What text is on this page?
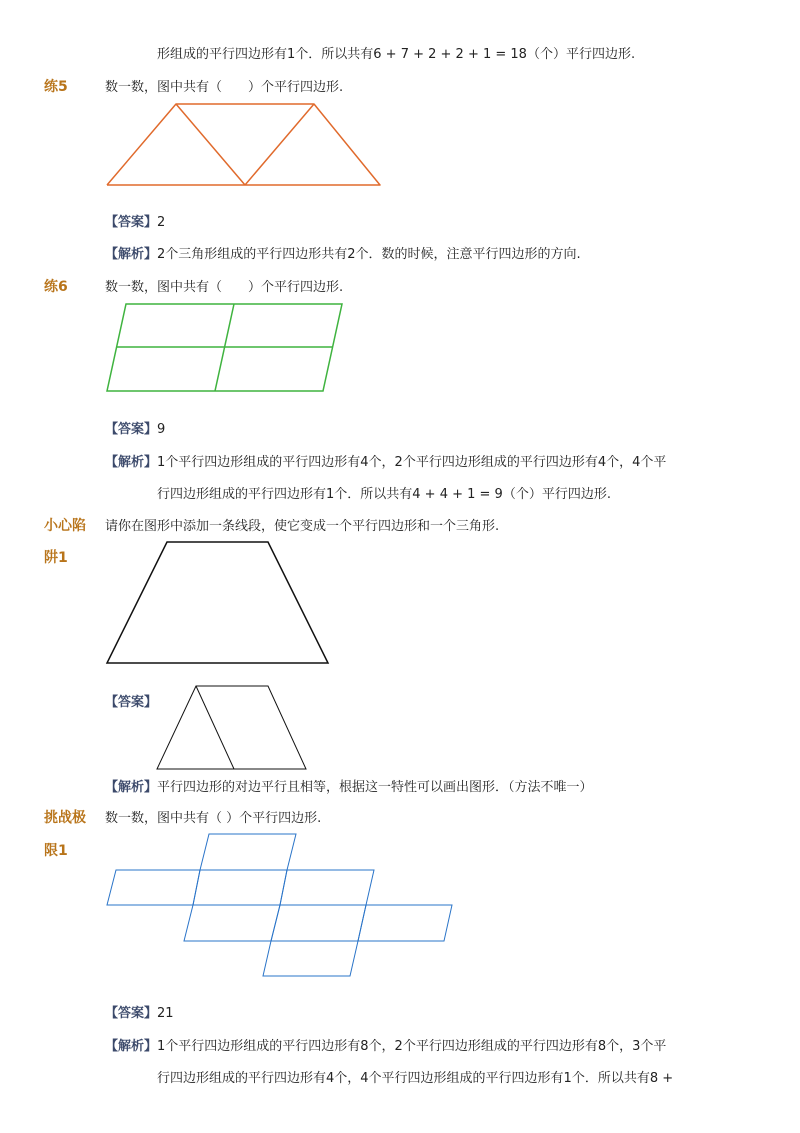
形组成的平行四边形有1个．所以共有6 + 7 + 2 + 2 + 1 = 18（个）平行四边形.
练5	数一数，图中共有（　　）个平行四边形.
【答案】2
【解析】2个三角形组成的平行四边形共有2个．数的时候，注意平行四边形的方向.
练6	数一数，图中共有（　　）个平行四边形.
【答案】9
【解析】1个平行四边形组成的平行四边形有4个，2个平行四边形组成的平行四边形有4个，4个平
行四边形组成的平行四边形有1个．所以共有4 + 4 + 1 = 9（个）平行四边形.
小心陷
阱1
请你在图形中添加一条线段，使它变成一个平行四边形和一个三角形.
【答案】
【解析】平行四边形的对边平行且相等，根据这一特性可以画出图形．（方法不唯一）
挑战极
限1
数一数，图中共有（ ）个平行四边形.
【答案】21
【解析】1个平行四边形组成的平行四边形有8个，2个平行四边形组成的平行四边形有8个，3个平
行四边形组成的平行四边形有4个，4个平行四边形组成的平行四边形有1个．所以共有8 +
